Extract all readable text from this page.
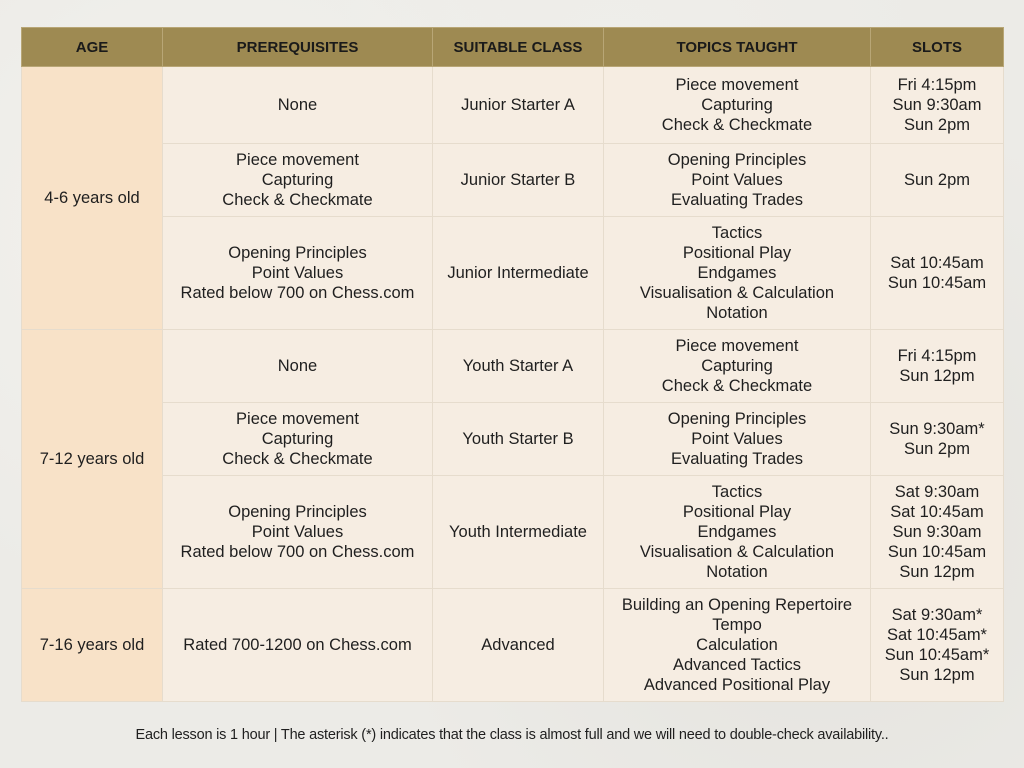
AGE	PREREQUISITES	SUITABLE CLASS	TOPICS TAUGHT	SLOTS
4-6 years old	None	Junior Starter A	Piece movement
Capturing
Check & Checkmate	Fri 4:15pm
Sun 9:30am
Sun 2pm

	Piece movement
Capturing
Check & Checkmate	Junior Starter B	Opening Principles
Point Values
Evaluating Trades	Sun 2pm

	Opening Principles
Point Values
Rated below 700 on Chess.com	Junior Intermediate	Tactics
Positional Play
Endgames
Visualisation & Calculation
Notation	Sat 10:45am
Sun 10:45am

7-12 years old	None	Youth Starter A	Piece movement
Capturing
Check & Checkmate	Fri 4:15pm
Sun 12pm

	Piece movement
Capturing
Check & Checkmate	Youth Starter B	Opening Principles
Point Values
Evaluating Trades	Sun 9:30am*
Sun 2pm

	Opening Principles
Point Values
Rated below 700 on Chess.com	Youth Intermediate	Tactics
Positional Play
Endgames
Visualisation & Calculation
Notation	Sat 9:30am
Sat 10:45am
Sun 9:30am
Sun 10:45am
Sun 12pm

7-16 years old	Rated 700-1200 on Chess.com	Advanced	Building an Opening Repertoire
Tempo
Calculation
Advanced Tactics
Advanced Positional Play	Sat 9:30am*
Sat 10:45am*
Sun 10:45am*
Sun 12pm
Each lesson is 1 hour | The asterisk (*) indicates that the class is almost full and we will need to double-check availability..
